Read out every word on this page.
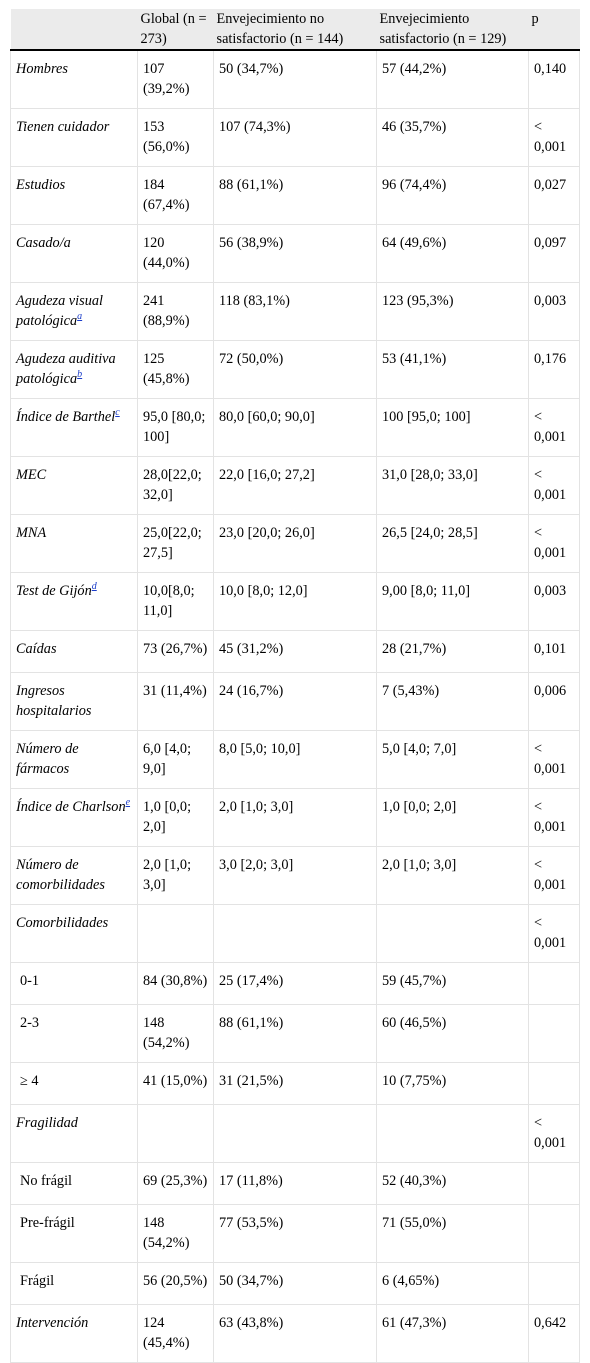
	Global (n = 273)	Envejecimiento no satisfactorio (n = 144)	Envejecimiento satisfactorio (n = 129)	p
Hombres	107 (39,2%)	50 (34,7%)	57 (44,2%)	0,140
Tienen cuidador	153 (56,0%)	107 (74,3%)	46 (35,7%)	< 0,001
Estudios	184 (67,4%)	88 (61,1%)	96 (74,4%)	0,027
Casado/a	120 (44,0%)	56 (38,9%)	64 (49,6%)	0,097
Agudeza visual patológica$^a$	241 (88,9%)	118 (83,1%)	123 (95,3%)	0,003
Agudeza auditiva patológica$^b$	125 (45,8%)	72 (50,0%)	53 (41,1%)	0,176
Índice de Barthel$^c$	95,0 [80,0; 100]	80,0 [60,0; 90,0]	100 [95,0; 100]	< 0,001
MEC	28,0[22,0; 32,0]	22,0 [16,0; 27,2]	31,0 [28,0; 33,0]	< 0,001
MNA	25,0[22,0; 27,5]	23,0 [20,0; 26,0]	26,5 [24,0; 28,5]	< 0,001
Test de Gijón$^d$	10,0[8,0; 11,0]	10,0 [8,0; 12,0]	9,00 [8,0; 11,0]	0,003
Caídas	73 (26,7%)	45 (31,2%)	28 (21,7%)	0,101
Ingresos hospitalarios	31 (11,4%)	24 (16,7%)	7 (5,43%)	0,006
Número de fármacos	6,0 [4,0; 9,0]	8,0 [5,0; 10,0]	5,0 [4,0; 7,0]	< 0,001
Índice de Charlson$^e$	1,0 [0,0; 2,0]	2,0 [1,0; 3,0]	1,0 [0,0; 2,0]	< 0,001
Número de comorbilidades	2,0 [1,0; 3,0]	3,0 [2,0; 3,0]	2,0 [1,0; 3,0]	< 0,001
Comorbilidades				< 0,001
0-1	84 (30,8%)	25 (17,4%)	59 (45,7%)	
2-3	148 (54,2%)	88 (61,1%)	60 (46,5%)	
≥ 4	41 (15,0%)	31 (21,5%)	10 (7,75%)	
Fragilidad				< 0,001
No frágil	69 (25,3%)	17 (11,8%)	52 (40,3%)	
Pre-frágil	148 (54,2%)	77 (53,5%)	71 (55,0%)	
Frágil	56 (20,5%)	50 (34,7%)	6 (4,65%)	
Intervención	124 (45,4%)	63 (43,8%)	61 (47,3%)	0,642
